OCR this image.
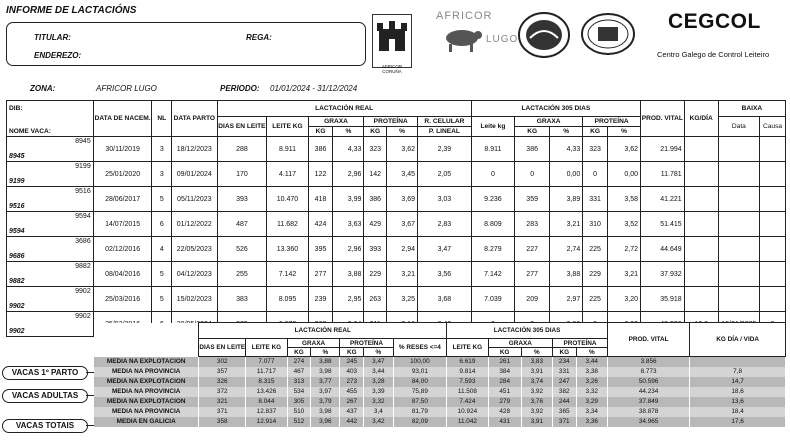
INFORME DE LACTACIÓNS
TITULAR:	REGA:
ENDEREZO:
ZONA:	AFRICOR LUGO	PERIODO: 01/01/2024 - 31/12/2024
AFRICOR CORUÑA
AFRICOR
LUGO
CEGCOL
Centro Galego de Control Leiteiro
DIB:	DATA DE NACEM.	NL	DATA PARTO	LACTACIÓN REAL							LACTACIÓN 305 DIAS					PROD. VITAL	KG/DÍA	BAIXA	
				DIAS EN LEITE	LEITE KG	GRAXA		PROTEÍNA		R. CELULAR	Leite kg	GRAXA		PROTEÍNA				Data	Causa
NOME VACA:						KG	%	KG	%	P. LINEAL		KG	%	KG	%				

8945
8945	30/11/2019	3	18/12/2023	288	8.911	386	4,33	323	3,62	2,39	8.911	386	4,33	323	3,62	21.994			

9199
9199	25/01/2020	3	09/01/2024	170	4.117	122	2,96	142	3,45	2,05	0	0	0,00	0	0,00	11.781			

9516
9516	28/06/2017	5	05/11/2023	393	10.470	418	3,99	386	3,69	3,03	9.236	359	3,89	331	3,58	41.221			

9594
9594	14/07/2015	6	01/12/2022	487	11.682	424	3,63	429	3,67	2,83	8.809	283	3,21	310	3,52	51.415			

3686
9686	02/12/2016	4	22/05/2023	526	13.360	395	2,96	393	2,94	3,47	8.279	227	2,74	225	2,72	44.649			

9882
9882	08/04/2016	5	04/12/2023	255	7.142	277	3,88	229	3,21	3,56	7.142	277	3,88	229	3,21	37.932			

9902
9902	25/03/2016	5	15/02/2023	383	8.095	239	2,95	263	3,25	3,68	7.039	209	2,97	225	3,20	35.918			

9902
9902

		LACTACIÓN REAL							LACTACIÓN 305 DIAS					PROD. VITAL	KG DÍA / VIDA
	DIAS EN LEITE	LEITE KG	GRAXA		PROTEÍNA		% RESES <=4	LEITE KG	GRAXA		PROTEÍNA			
			KG	%	KG	%			KG	%	KG	%		
MEDIA NA EXPLOTACION	302	7.077	274	3,88	245	3,47	100,00	6.619	261	3,83	234	3,44	3.856	
MEDIA NA PROVINCIA	357	11.717	467	3,98	403	3,44	93,01	9.814	384	3,91	331	3,38	8.773	7,8
MEDIA NA EXPLOTACION	326	8.315	313	3,77	273	3,28	84,00	7.593	284	3,74	247	3,26	50.596	14,7
MEDIA NA PROVINCIA	372	13.426	534	3,97	455	3,39	75,89	11.508	451	3,92	382	3,32	44.234	18,6
MEDIA NA EXPLOTACION	321	8.044	305	3,79	267	3,32	87,50	7.424	279	3,76	244	3,29	37.849	13,6
MEDIA NA PROVINCIA	371	12.837	510	3,98	437	3,4	81,79	10.924	428	3,92	365	3,34	38.878	18,4
MEDIA EN GALICIA	358	12.914	512	3,96	442	3,42	82,09	11.042	431	3,91	371	3,36	34.965	17,6
VACAS 1º PARTO
VACAS ADULTAS
VACAS TOTAIS
